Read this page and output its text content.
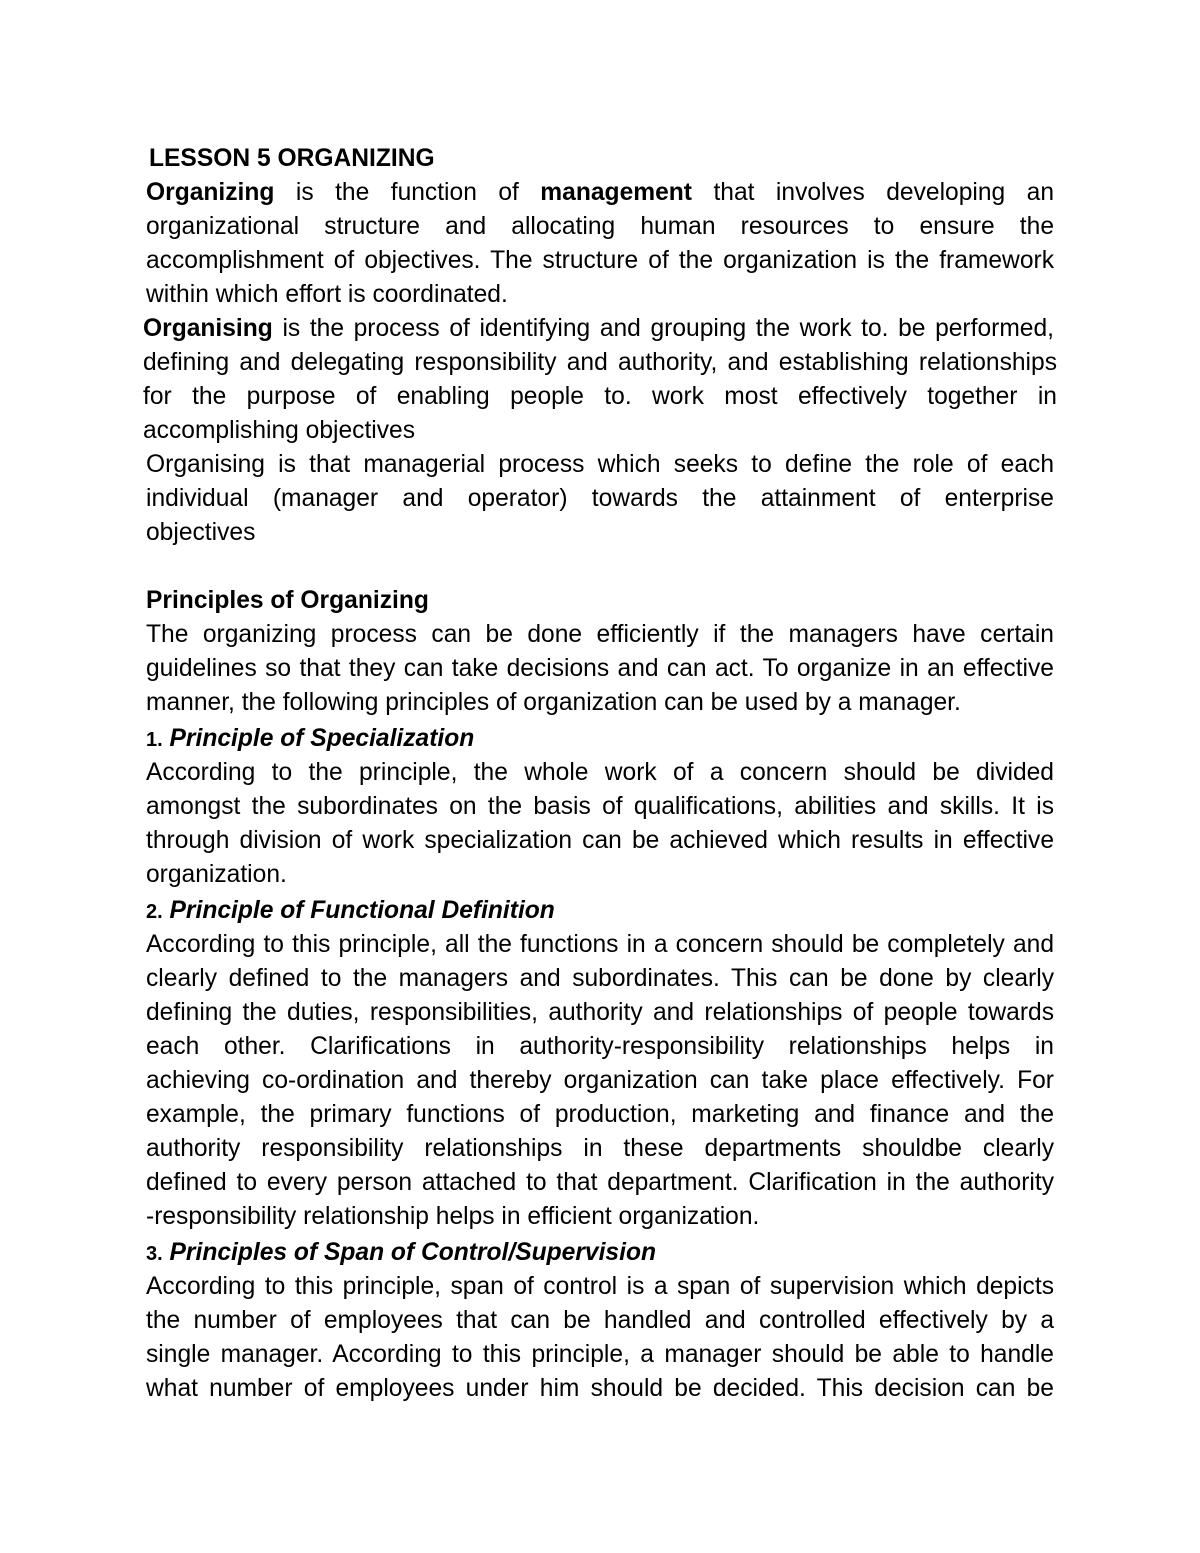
LESSON 5 ORGANIZING
Organizing is the function of management that involves developing an
organizational structure and allocating human resources to ensure the
accomplishment of objectives. The structure of the organization is the framework
within which effort is coordinated.
Organising is the process of identifying and grouping the work to. be performed,
defining and delegating responsibility and authority, and establishing relationships
for the purpose of enabling people to. work most effectively together in
accomplishing objectives
Organising is that managerial process which seeks to define the role of each
individual (manager and operator) towards the attainment of enterprise
objectives
Principles of Organizing
The organizing process can be done efficiently if the managers have certain
guidelines so that they can take decisions and can act. To organize in an effective
manner, the following principles of organization can be used by a manager.
1. Principle of Specialization
According to the principle, the whole work of a concern should be divided
amongst the subordinates on the basis of qualifications, abilities and skills. It is
through division of work specialization can be achieved which results in effective
organization.
2. Principle of Functional Definition
According to this principle, all the functions in a concern should be completely and
clearly defined to the managers and subordinates. This can be done by clearly
defining the duties, responsibilities, authority and relationships of people towards
each other. Clarifications in authority-responsibility relationships helps in
achieving co-ordination and thereby organization can take place effectively. For
example, the primary functions of production, marketing and finance and the
authority responsibility relationships in these departments shouldbe clearly
defined to every person attached to that department. Clarification in the authority
-responsibility relationship helps in efficient organization.
3. Principles of Span of Control/Supervision
According to this principle, span of control is a span of supervision which depicts
the number of employees that can be handled and controlled effectively by a
single manager. According to this principle, a manager should be able to handle
what number of employees under him should be decided. This decision can be
